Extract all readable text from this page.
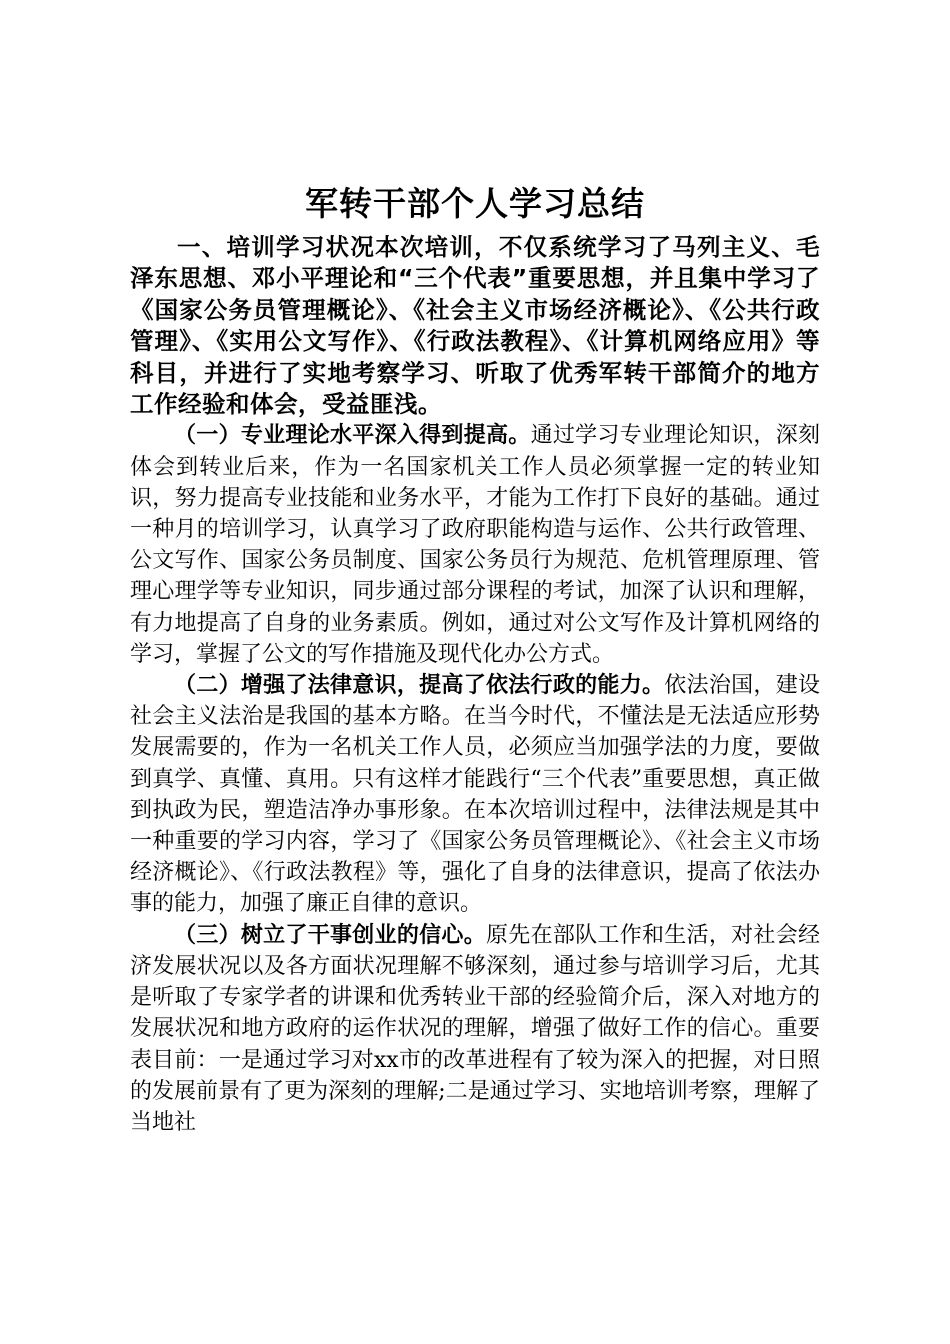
军转干部个人学习总结

一、培训学习状况本次培训，不仅系统学习了马列主义、毛泽东思想、邓小平理论和“三个代表”重要思想，并且集中学习了《国家公务员管理概论》、《社会主义市场经济概论》、《公共行政管理》、《实用公文写作》、《行政法教程》、《计算机网络应用》等科目，并进行了实地考察学习、听取了优秀军转干部简介的地方工作经验和体会，受益匪浅。

（一）专业理论水平深入得到提高。通过学习专业理论知识，深刻体会到转业后来，作为一名国家机关工作人员必须掌握一定的转业知识，努力提高专业技能和业务水平，才能为工作打下良好的基础。通过一种月的培训学习，认真学习了政府职能构造与运作、公共行政管理、公文写作、国家公务员制度、国家公务员行为规范、危机管理原理、管理心理学等专业知识，同步通过部分课程的考试，加深了认识和理解，有力地提高了自身的业务素质。例如，通过对公文写作及计算机网络的学习，掌握了公文的写作措施及现代化办公方式。

（二）增强了法律意识，提高了依法行政的能力。依法治国，建设社会主义法治是我国的基本方略。在当今时代，不懂法是无法适应形势发展需要的，作为一名机关工作人员，必须应当加强学法的力度，要做到真学、真懂、真用。只有这样才能践行“三个代表”重要思想，真正做到执政为民，塑造洁净办事形象。在本次培训过程中，法律法规是其中一种重要的学习内容，学习了《国家公务员管理概论》、《社会主义市场经济概论》、《行政法教程》等，强化了自身的法律意识，提高了依法办事的能力，加强了廉正自律的意识。

（三）树立了干事创业的信心。原先在部队工作和生活，对社会经济发展状况以及各方面状况理解不够深刻，通过参与培训学习后，尤其是听取了专家学者的讲课和优秀转业干部的经验简介后，深入对地方的发展状况和地方政府的运作状况的理解，增强了做好工作的信心。重要表目前：一是通过学习对xx市的改革进程有了较为深入的把握，对日照的发展前景有了更为深刻的理解;二是通过学习、实地培训考察，理解了当地社
